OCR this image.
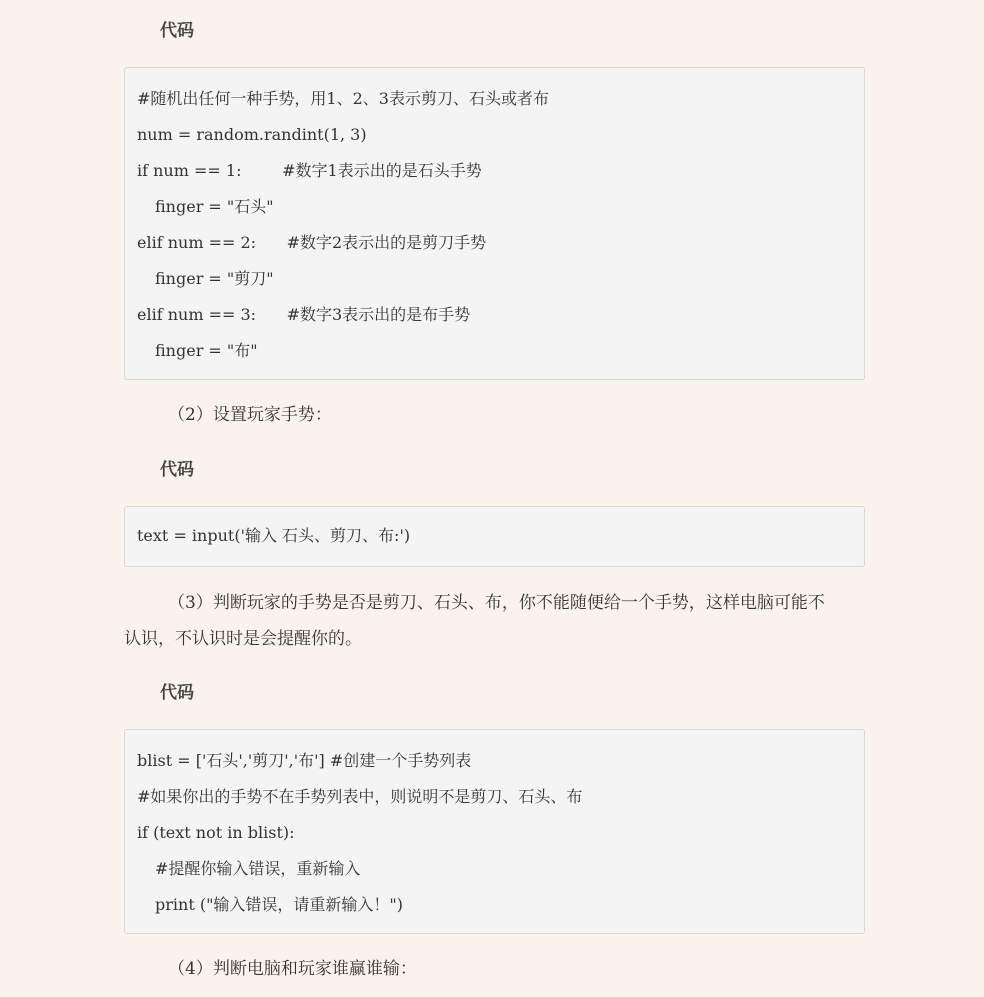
代码
#随机出任何一种手势，用1、2、3表示剪刀、石头或者布
num = random.randint(1, 3)
if num == 1:        #数字1表示出的是石头手势
finger = "石头"
elif num == 2:      #数字2表示出的是剪刀手势
finger = "剪刀"
elif num == 3:      #数字3表示出的是布手势
finger = "布"
（2）设置玩家手势：
代码
text = input('输入 石头、剪刀、布:')
（3）判断玩家的手势是否是剪刀、石头、布，你不能随便给一个手势，这样电脑可能不
认识，不认识时是会提醒你的。
代码
blist = ['石头','剪刀','布'] #创建一个手势列表
#如果你出的手势不在手势列表中，则说明不是剪刀、石头、布
if (text not in blist):
#提醒你输入错误，重新输入
print ("输入错误，请重新输入！")
（4）判断电脑和玩家谁赢谁输：
